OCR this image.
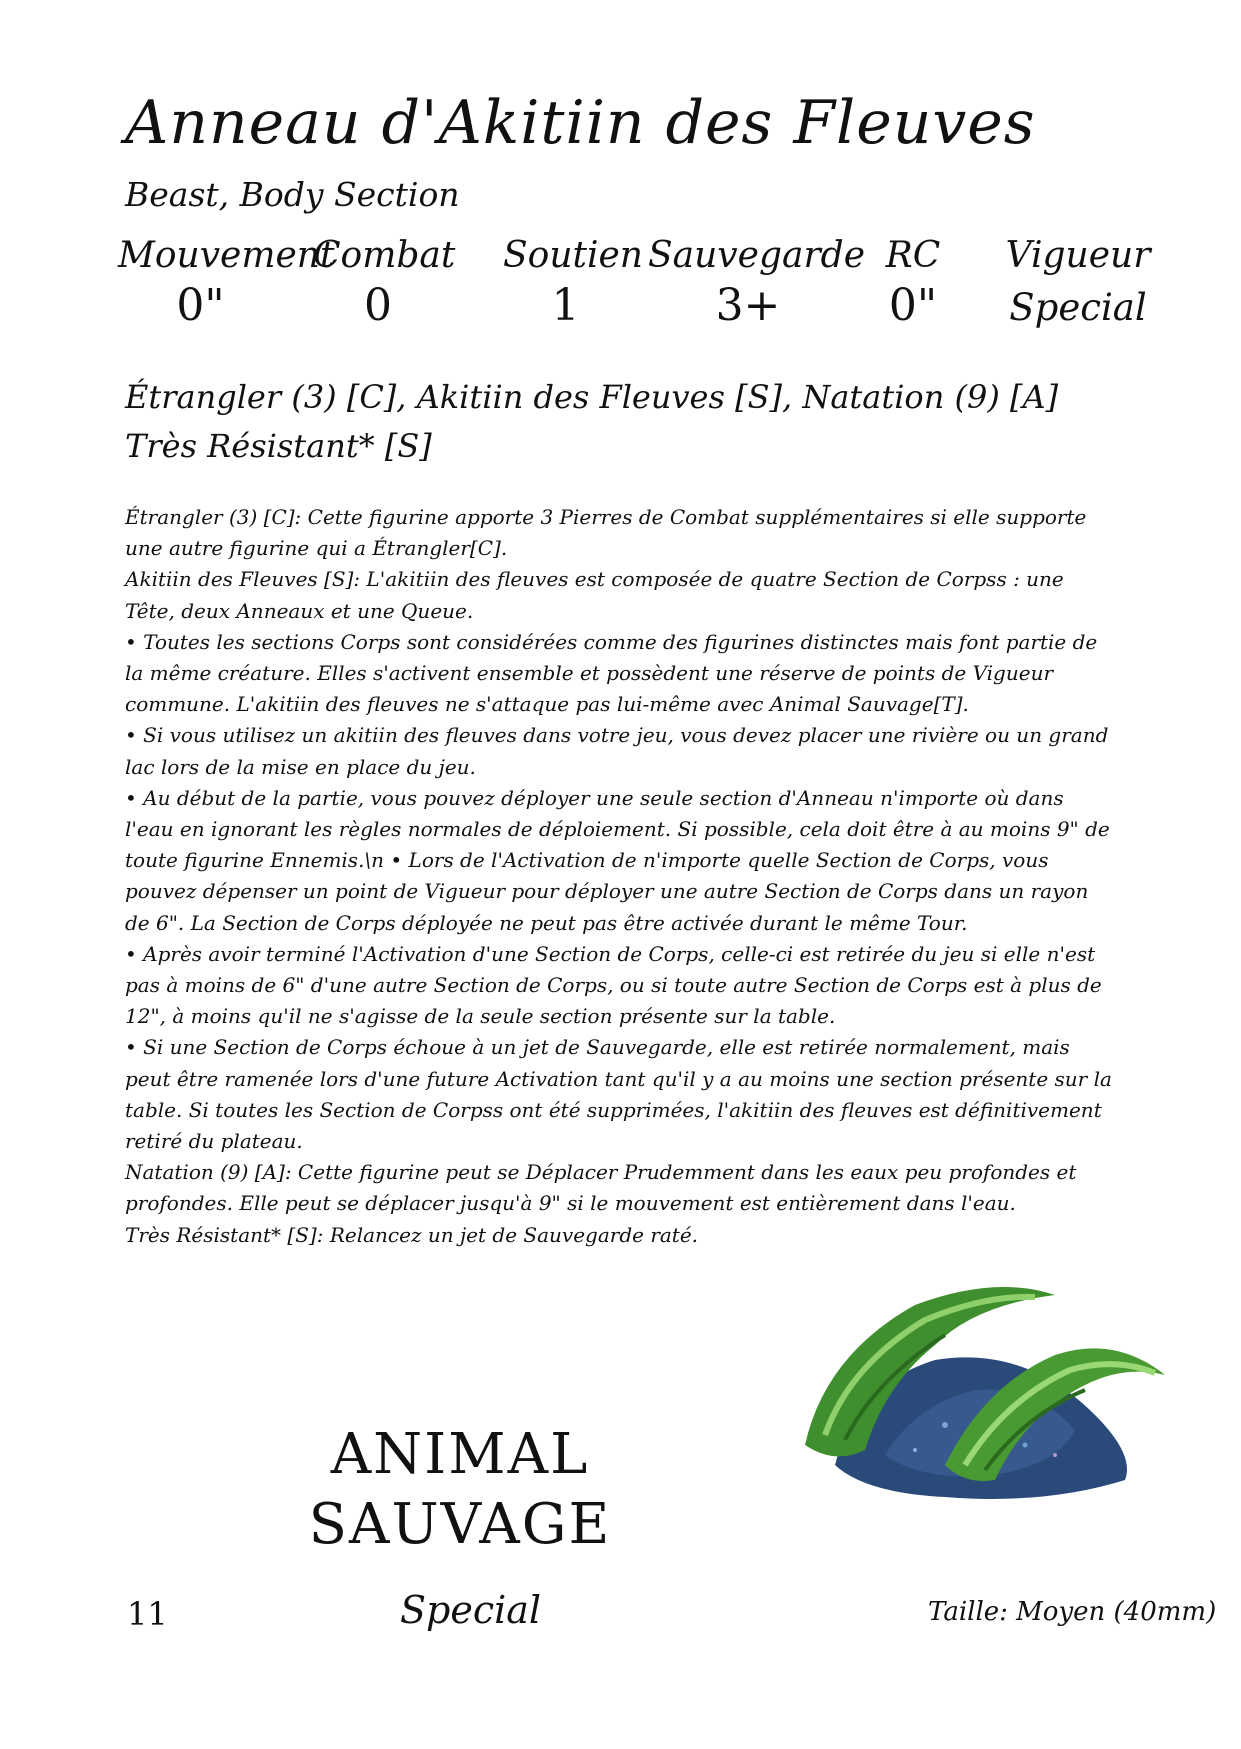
Anneau d'Akitiin des Fleuves
Beast, Body Section
Mouvement
0"
Combat
0
Soutien
1
Sauvegarde
3+
RC
0"
Vigueur
Special
Étrangler (3) [C], Akitiin des Fleuves [S], Natation (9) [A]
Très Résistant* [S]

Étrangler (3) [C]: Cette figurine apporte 3 Pierres de Combat supplémentaires si elle supporte une autre figurine qui a Étrangler[C].

Akitiin des Fleuves [S]: L'akitiin des fleuves est composée de quatre Section de Corpss : une Tête, deux Anneaux et une Queue.

• Toutes les sections Corps sont considérées comme des figurines distinctes mais font partie de la même créature. Elles s'activent ensemble et possèdent une réserve de points de Vigueur commune. L'akitiin des fleuves ne s'attaque pas lui-même avec Animal Sauvage[T].

• Si vous utilisez un akitiin des fleuves dans votre jeu, vous devez placer une rivière ou un grand lac lors de la mise en place du jeu.

• Au début de la partie, vous pouvez déployer une seule section d'Anneau n'importe où dans l'eau en ignorant les règles normales de déploiement. Si possible, cela doit être à au moins 9" de toute figurine Ennemis.\n • Lors de l'Activation de n'importe quelle Section de Corps, vous pouvez dépenser un point de Vigueur pour déployer une autre Section de Corps dans un rayon de 6". La Section de Corps déployée ne peut pas être activée durant le même Tour.

• Après avoir terminé l'Activation d'une Section de Corps, celle-ci est retirée du jeu si elle n'est pas à moins de 6" d'une autre Section de Corps, ou si toute autre Section de Corps est à plus de 12", à moins qu'il ne s'agisse de la seule section présente sur la table.

• Si une Section de Corps échoue à un jet de Sauvegarde, elle est retirée normalement, mais peut être ramenée lors d'une future Activation tant qu'il y a au moins une section présente sur la table. Si toutes les Section de Corpss ont été supprimées, l'akitiin des fleuves est définitivement retiré du plateau.

Natation (9) [A]: Cette figurine peut se Déplacer Prudemment dans les eaux peu profondes et profondes. Elle peut se déplacer jusqu'à 9" si le mouvement est entièrement dans l'eau.

Très Résistant* [S]: Relancez un jet de Sauvegarde raté.

ANIMAL
SAUVAGE
11	Special	Taille: Moyen (40mm)
